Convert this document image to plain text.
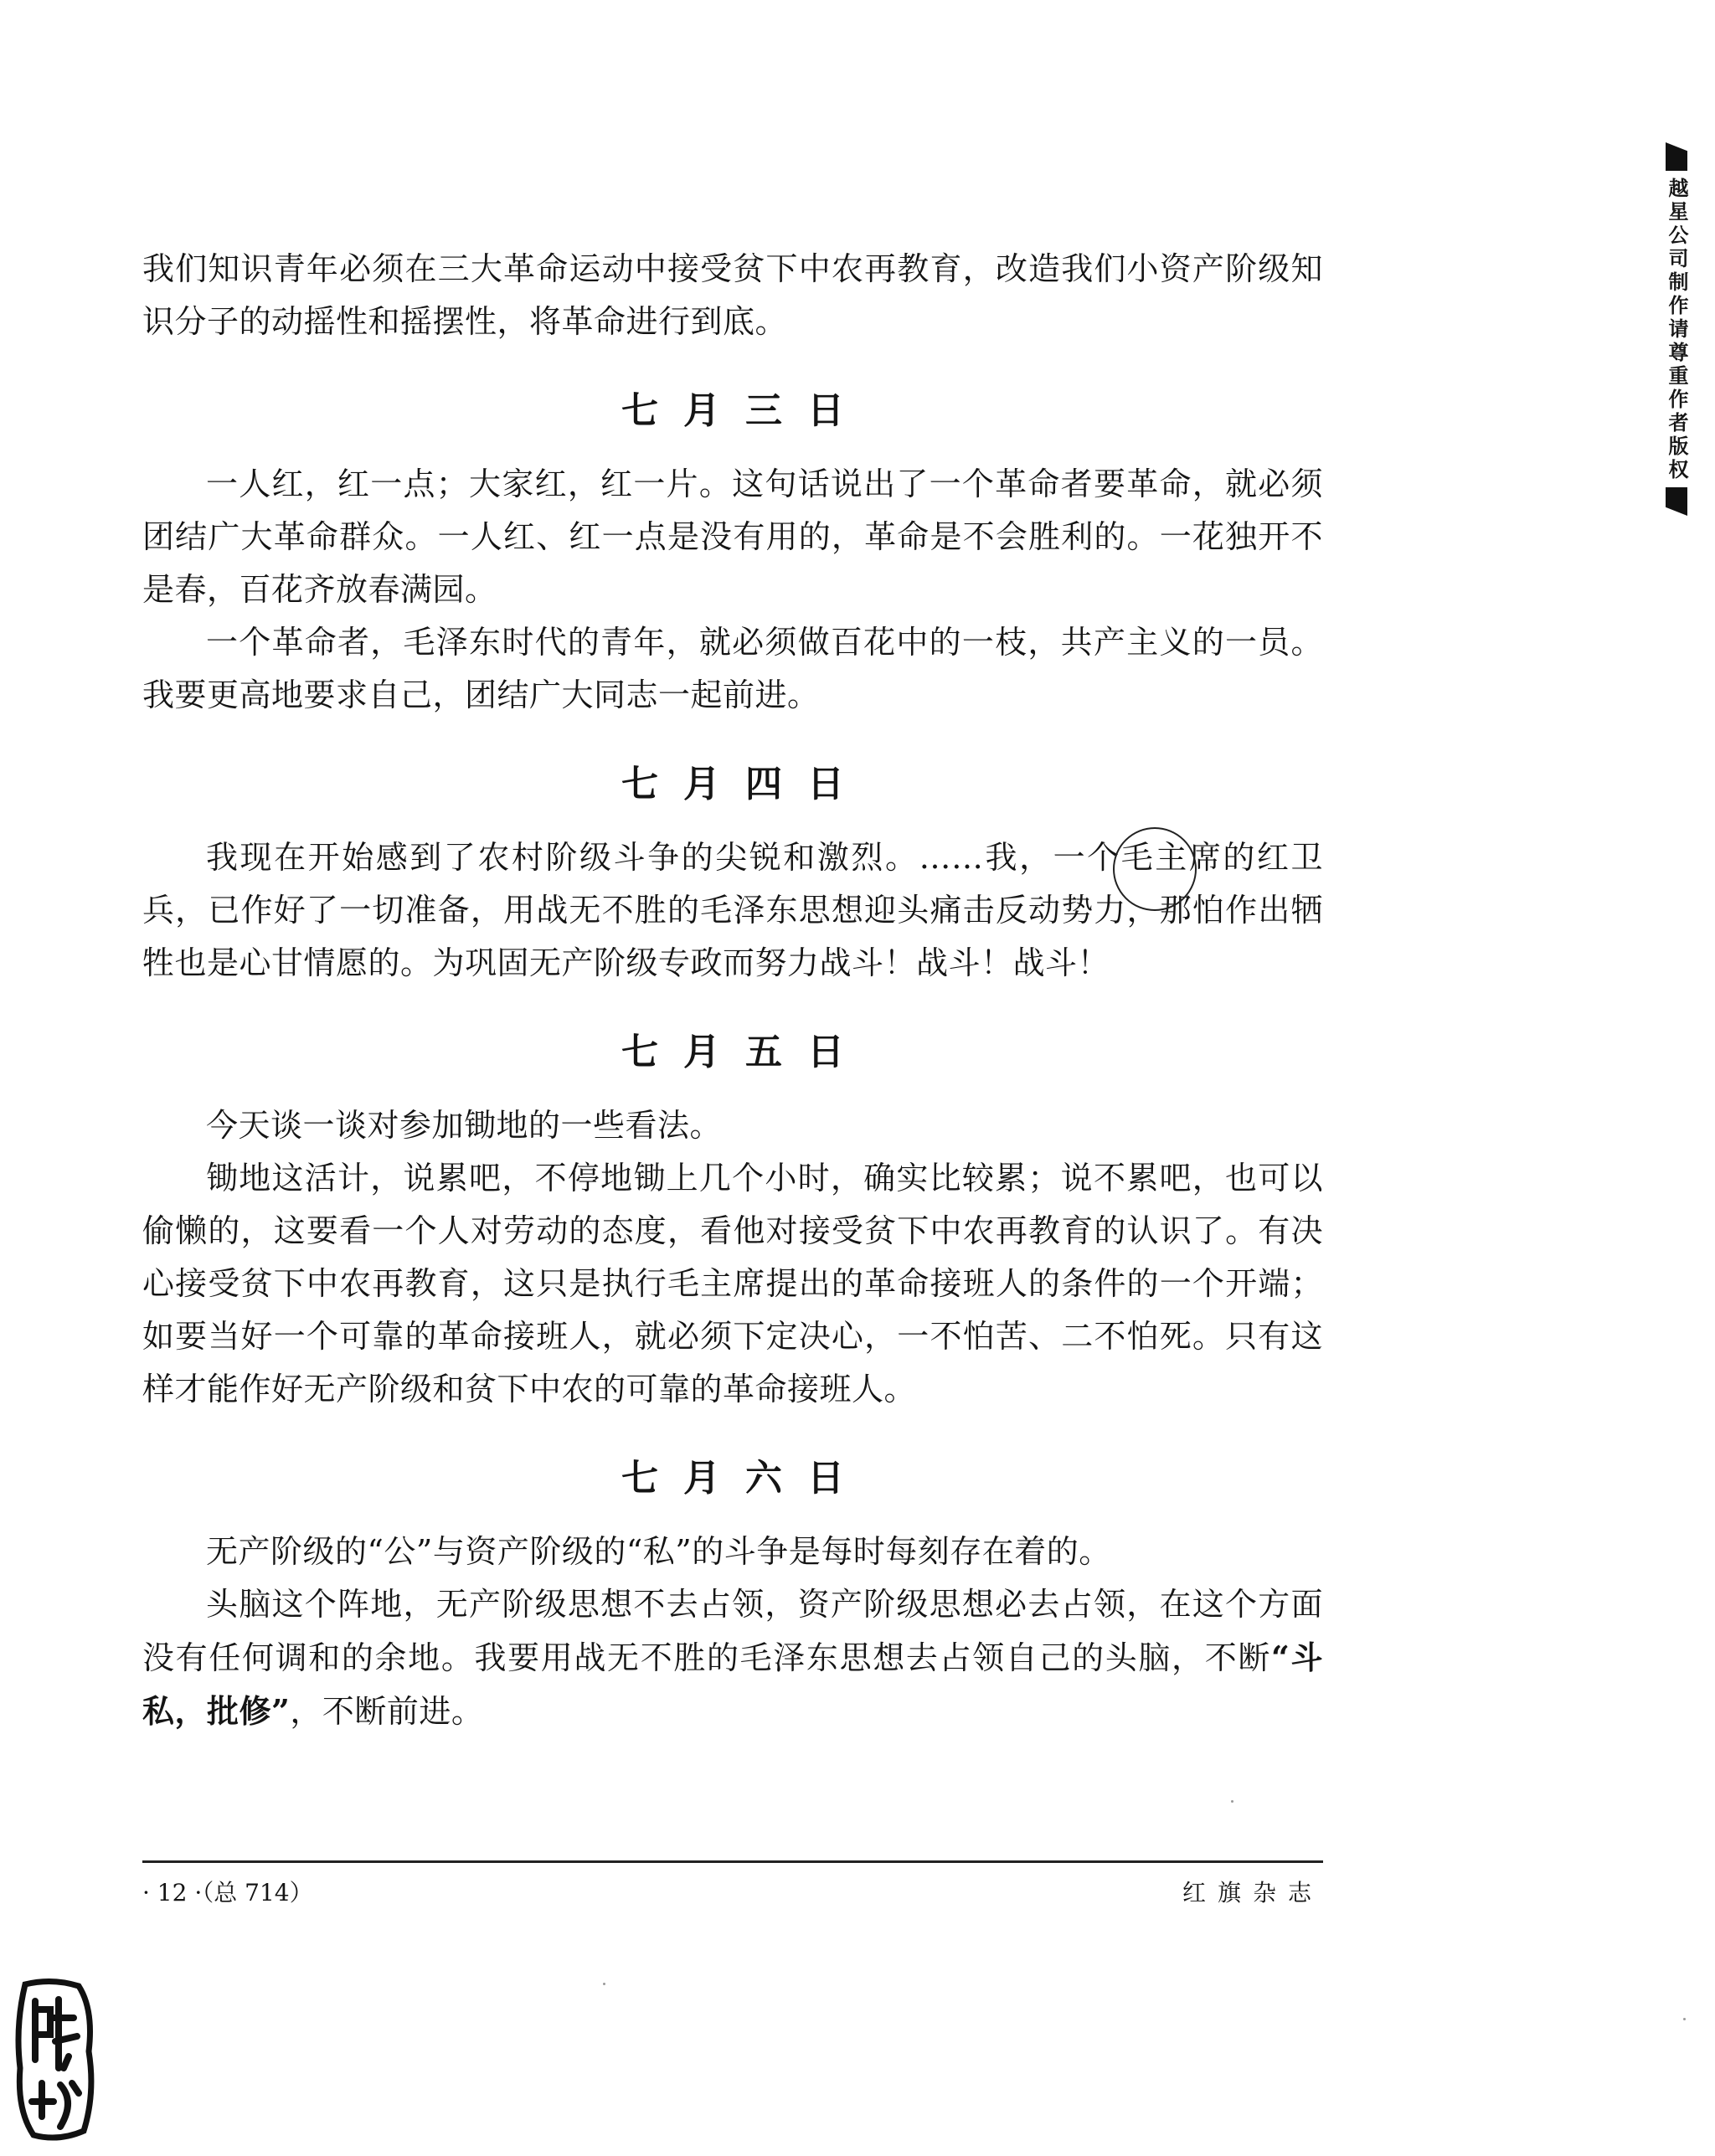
我们知识青年必须在三大革命运动中接受贫下中农再教育，改造我们小资产阶级知识分子的动摇性和摇摆性，将革命进行到底。

七月三日

一人红，红一点；大家红，红一片。这句话说出了一个革命者要革命，就必须团结广大革命群众。一人红、红一点是没有用的，革命是不会胜利的。一花独开不是春，百花齐放春满园。

一个革命者，毛泽东时代的青年，就必须做百花中的一枝，共产主义的一员。我要更高地要求自己，团结广大同志一起前进。

七月四日

我现在开始感到了农村阶级斗争的尖锐和激烈。……我，一个
毛主席的红卫兵，已作好了一切准备，用战无不胜的毛泽东思想迎头痛击反动势力，那怕作出牺牲也是心甘情愿的。为巩固无产阶级专政而努力战斗！战斗！战斗！

七月五日

今天谈一谈对参加锄地的一些看法。

锄地这活计，说累吧，不停地锄上几个小时，确实比较累；说不累吧，也可以偷懒的，这要看一个人对劳动的态度，看他对接受贫下中农再教育的认识了。有决心接受贫下中农再教育，这只是执行毛主席提出的革命接班人的条件的一个开端；如要当好一个可靠的革命接班人，就必须下定决心，一不怕苦、二不怕死。只有这样才能作好无产阶级和贫下中农的可靠的革命接班人。

七月六日

无产阶级的“公”与资产阶级的“私”的斗争是每时每刻存在着的。

头脑这个阵地，无产阶级思想不去占领，资产阶级思想必去占领，在这个方面没有任何调和的余地。我要用战无不胜的毛泽东思想去占领自己的头脑，不断“斗私，批修”，不断前进。

· 12 ·（总 714）	红旗杂志
越星公司制作请尊重作者版权
